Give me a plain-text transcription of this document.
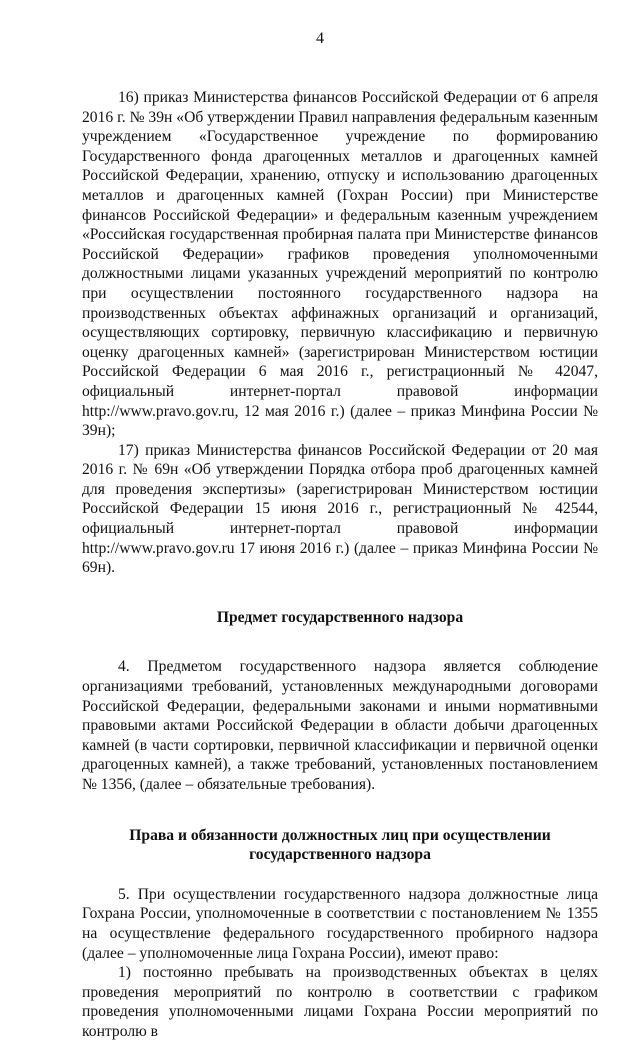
4

16) приказ Министерства финансов Российской Федерации от 6 апреля 2016 г. № 39н «Об утверждении Правил направления федеральным казенным учреждением «Государственное учреждение по формированию Государственного фонда драгоценных металлов и драгоценных камней Российской Федерации, хранению, отпуску и использованию драгоценных металлов и драгоценных камней (Гохран России) при Министерстве финансов Российской Федерации» и федеральным казенным учреждением «Российская государственная пробирная палата при Министерстве финансов Российской Федерации» графиков проведения уполномоченными должностными лицами указанных учреждений мероприятий по контролю при осуществлении постоянного государственного надзора на производственных объектах аффинажных организаций и организаций, осуществляющих сортировку, первичную классификацию и первичную оценку драгоценных камней» (зарегистрирован Министерством юстиции Российской Федерации 6 мая 2016 г., регистрационный № 42047, официальный интернет-портал правовой информации http://www.pravo.gov.ru, 12 мая 2016 г.) (далее – приказ Минфина России № 39н);

17) приказ Министерства финансов Российской Федерации от 20 мая 2016 г. № 69н «Об утверждении Порядка отбора проб драгоценных камней для проведения экспертизы» (зарегистрирован Министерством юстиции Российской Федерации 15 июня 2016 г., регистрационный № 42544, официальный интернет-портал правовой информации http://www.pravo.gov.ru 17 июня 2016 г.) (далее – приказ Минфина России № 69н).

Предмет государственного надзора

4. Предметом государственного надзора является соблюдение организациями требований, установленных международными договорами Российской Федерации, федеральными законами и иными нормативными правовыми актами Российской Федерации в области добычи драгоценных камней (в части сортировки, первичной классификации и первичной оценки драгоценных камней), а также требований, установленных постановлением № 1356, (далее – обязательные требования).

Права и обязанности должностных лиц при осуществлении

государственного надзора

5. При осуществлении государственного надзора должностные лица Гохрана России, уполномоченные в соответствии с постановлением № 1355 на осуществление федерального государственного пробирного надзора (далее – уполномоченные лица Гохрана России), имеют право:

1) постоянно пребывать на производственных объектах в целях проведения мероприятий по контролю в соответствии с графиком проведения уполномоченными лицами Гохрана России мероприятий по контролю в
